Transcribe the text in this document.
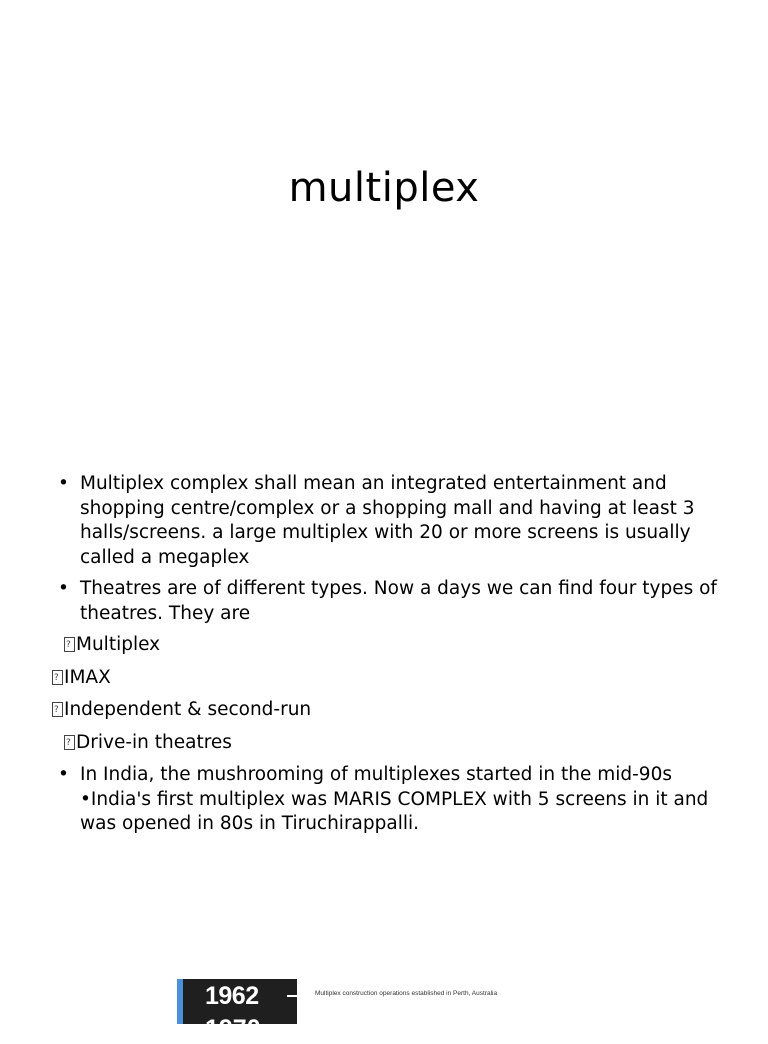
multiplex
• Multiplex complex shall mean an integrated entertainment and shopping centre/complex or a shopping mall and having at least 3 halls/screens. a large multiplex with 20 or more screens is usually called a megaplex
• Theatres are of different types. Now a days we can find four types of theatres. They are
?Multiplex
?IMAX
?Independent & second-run
?Drive-in theatres
• In India, the mushrooming of multiplexes started in the mid-90s
•India's first multiplex was MARIS COMPLEX with 5 screens in it and was opened in 80s in Tiruchirappalli.
1962
1970
Multiplex construction operations established in Perth, Australia
